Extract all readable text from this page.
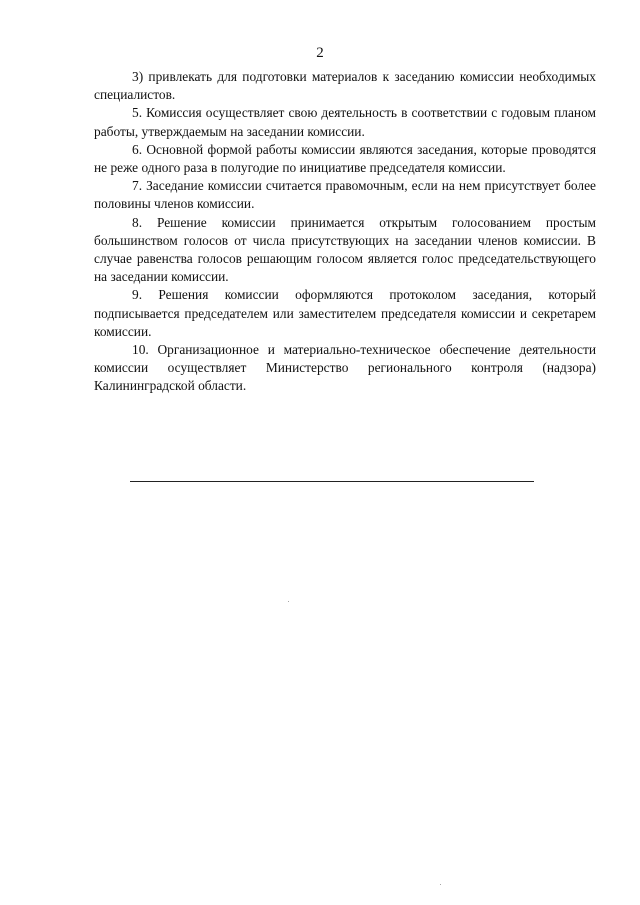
2

3) привлекать для подготовки материалов к заседанию комиссии необходимых специалистов.

5. Комиссия осуществляет свою деятельность в соответствии с годовым планом работы, утверждаемым на заседании комиссии.

6. Основной формой работы комиссии являются заседания, которые проводятся не реже одного раза в полугодие по инициативе председателя комиссии.

7. Заседание комиссии считается правомочным, если на нем присутствует более половины членов комиссии.

8. Решение комиссии принимается открытым голосованием простым большинством голосов от числа присутствующих на заседании членов комиссии. В случае равенства голосов решающим голосом является голос председательствующего на заседании комиссии.

9. Решения комиссии оформляются протоколом заседания, который подписывается председателем или заместителем председателя комиссии и секретарем комиссии.

10. Организационное и материально-техническое обеспечение деятельности комиссии осуществляет Министерство регионального контроля (надзора) Калининградской области.
